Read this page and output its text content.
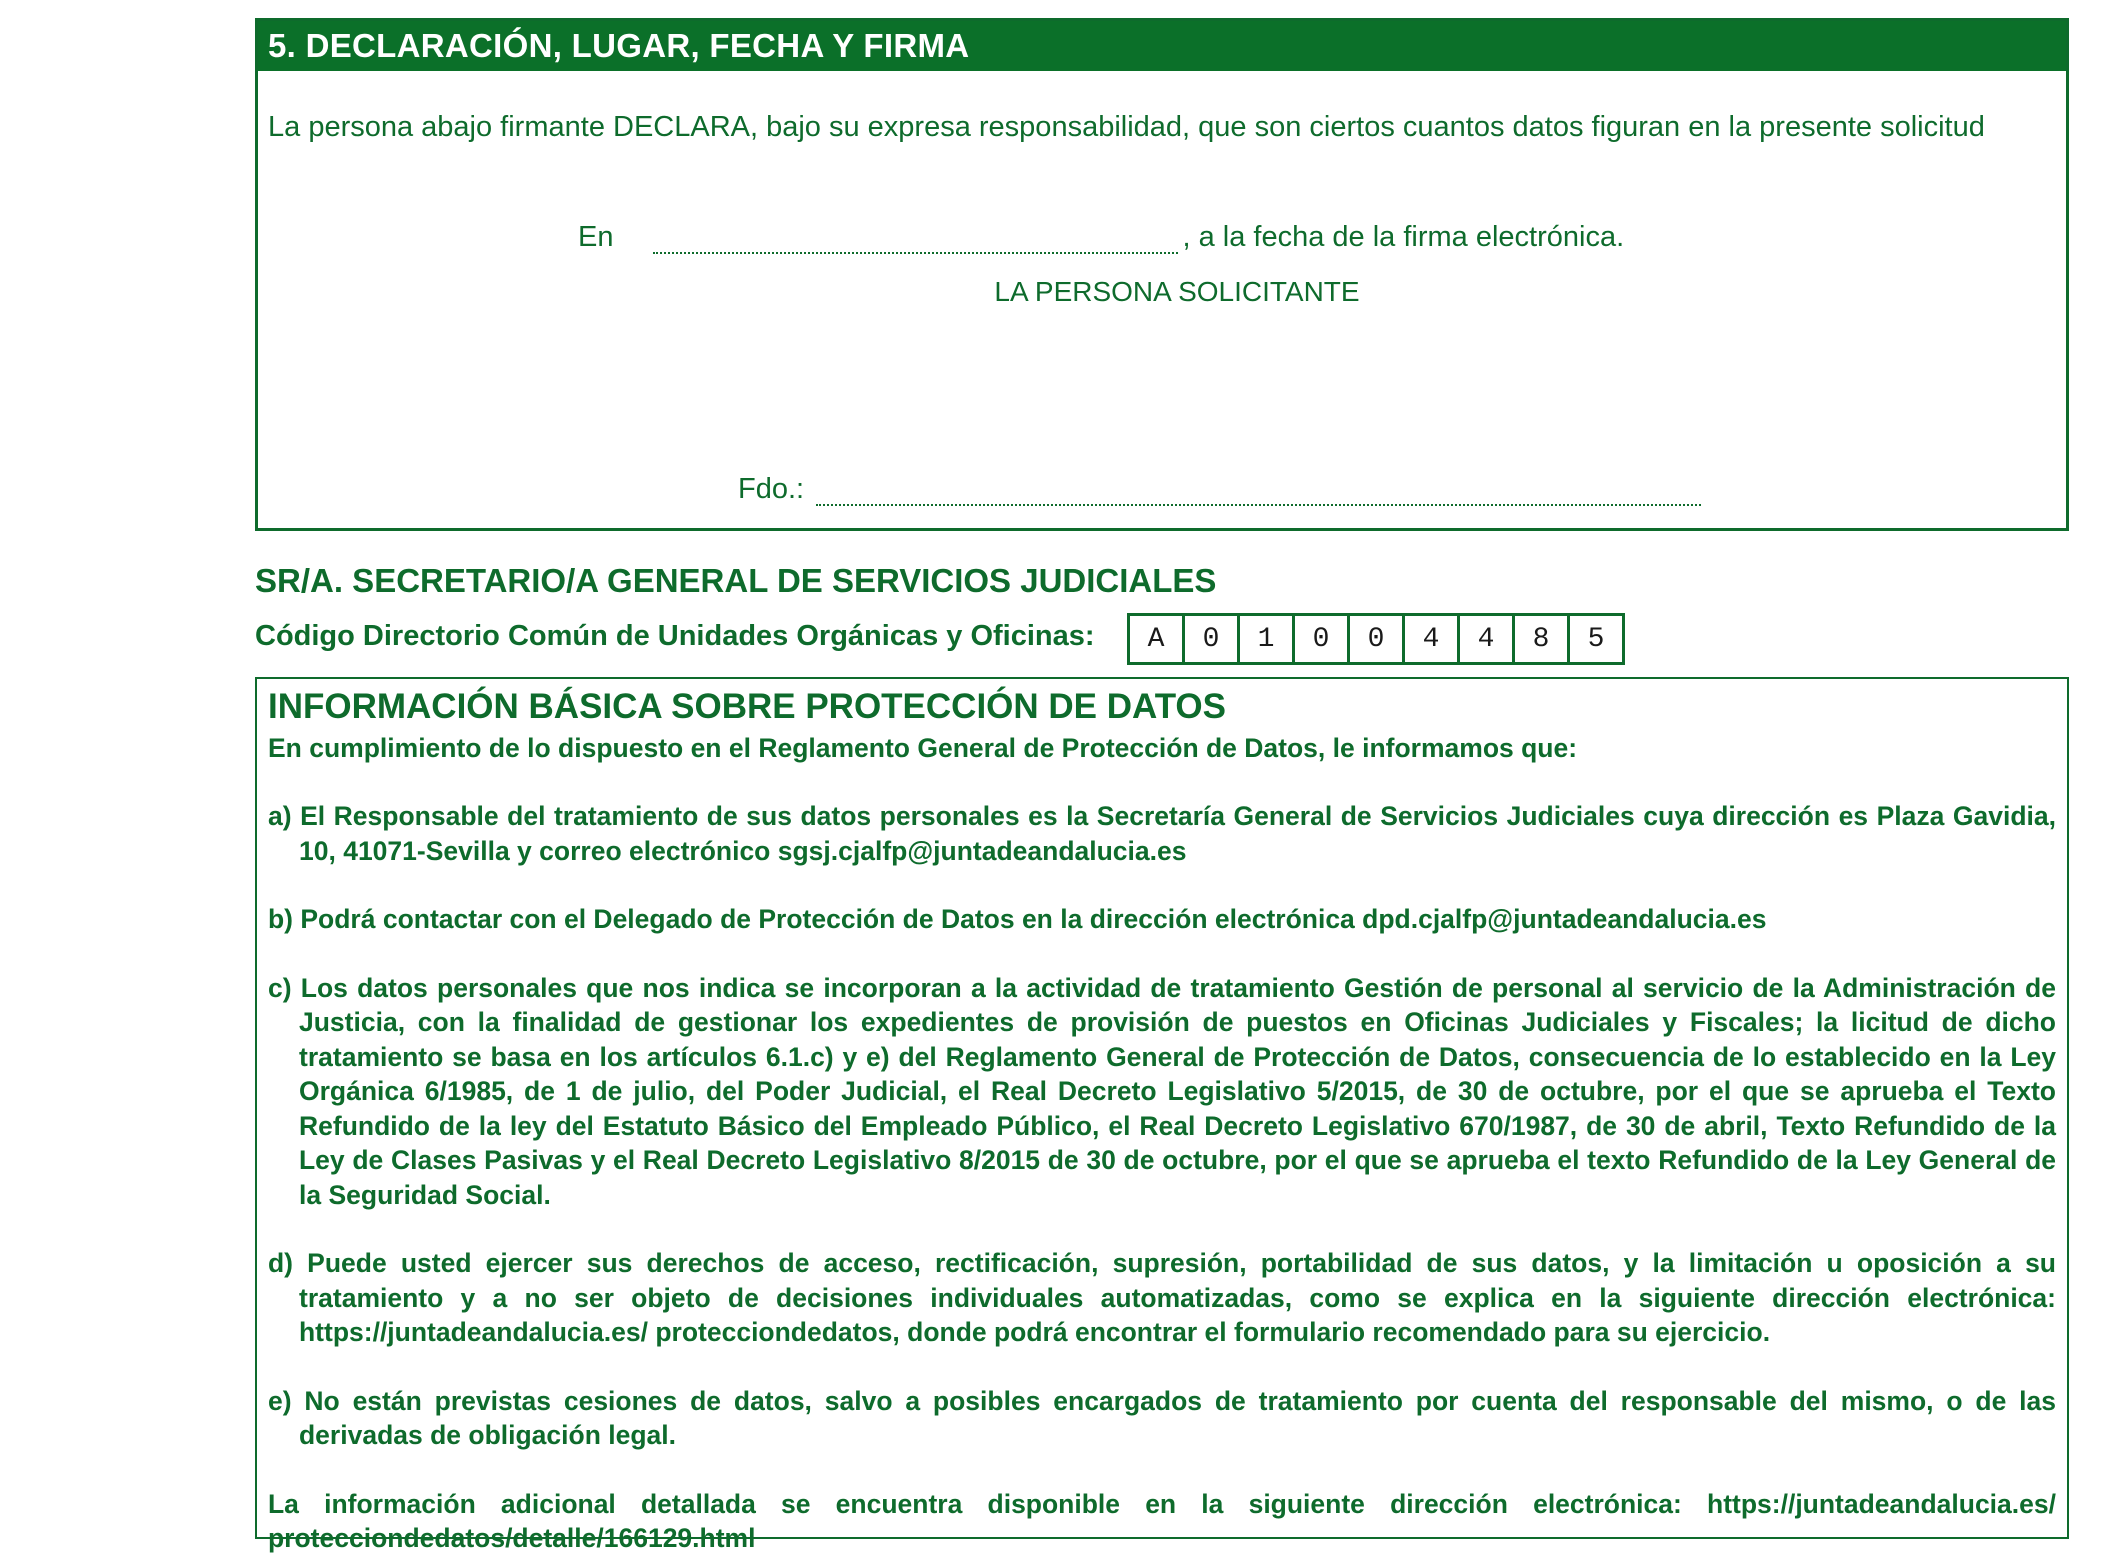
5. DECLARACIÓN, LUGAR, FECHA Y FIRMA
La persona abajo firmante DECLARA, bajo su expresa responsabilidad, que son ciertos cuantos datos figuran en la presente solicitud
En	, a la fecha de la firma electrónica.
LA PERSONA SOLICITANTE
Fdo.:
SR/A. SECRETARIO/A GENERAL DE SERVICIOS JUDICIALES
Código Directorio Común de Unidades Orgánicas y Oficinas:	A	0	1	0	0	4	4	8	5
INFORMACIÓN BÁSICA SOBRE PROTECCIÓN DE DATOS
En cumplimiento de lo dispuesto en el Reglamento General de Protección de Datos, le informamos que:
a) El Responsable del tratamiento de sus datos personales es la Secretaría General de Servicios Judiciales cuya dirección es Plaza Gavidia, 10, 41071-Sevilla y correo electrónico sgsj.cjalfp@juntadeandalucia.es
b) Podrá contactar con el Delegado de Protección de Datos en la dirección electrónica dpd.cjalfp@juntadeandalucia.es
c) Los datos personales que nos indica se incorporan a la actividad de tratamiento Gestión de personal al servicio de la Administración de Justicia, con la finalidad de gestionar los expedientes de provisión de puestos en Oficinas Judiciales y Fiscales; la licitud de dicho tratamiento se basa en los artículos 6.1.c) y e) del Reglamento General de Protección de Datos, consecuencia de lo establecido en la Ley Orgánica 6/1985, de 1 de julio, del Poder Judicial, el Real Decreto Legislativo 5/2015, de 30 de octubre, por el que se aprueba el Texto Refundido de la ley del Estatuto Básico del Empleado Público, el Real Decreto Legislativo 670/1987, de 30 de abril, Texto Refundido de la Ley de Clases Pasivas y el Real Decreto Legislativo 8/2015 de 30 de octubre, por el que se aprueba el texto Refundido de la Ley General de la Seguridad Social.
d) Puede usted ejercer sus derechos de acceso, rectificación, supresión, portabilidad de sus datos, y la limitación u oposición a su tratamiento y a no ser objeto de decisiones individuales automatizadas, como se explica en la siguiente dirección electrónica: https://juntadeandalucia.es/ protecciondedatos, donde podrá encontrar el formulario recomendado para su ejercicio.
e) No están previstas cesiones de datos, salvo a posibles encargados de tratamiento por cuenta del responsable del mismo, o de las derivadas de obligación legal.
La información adicional detallada se encuentra disponible en la siguiente dirección electrónica: https://juntadeandalucia.es/ protecciondedatos/detalle/166129.html
